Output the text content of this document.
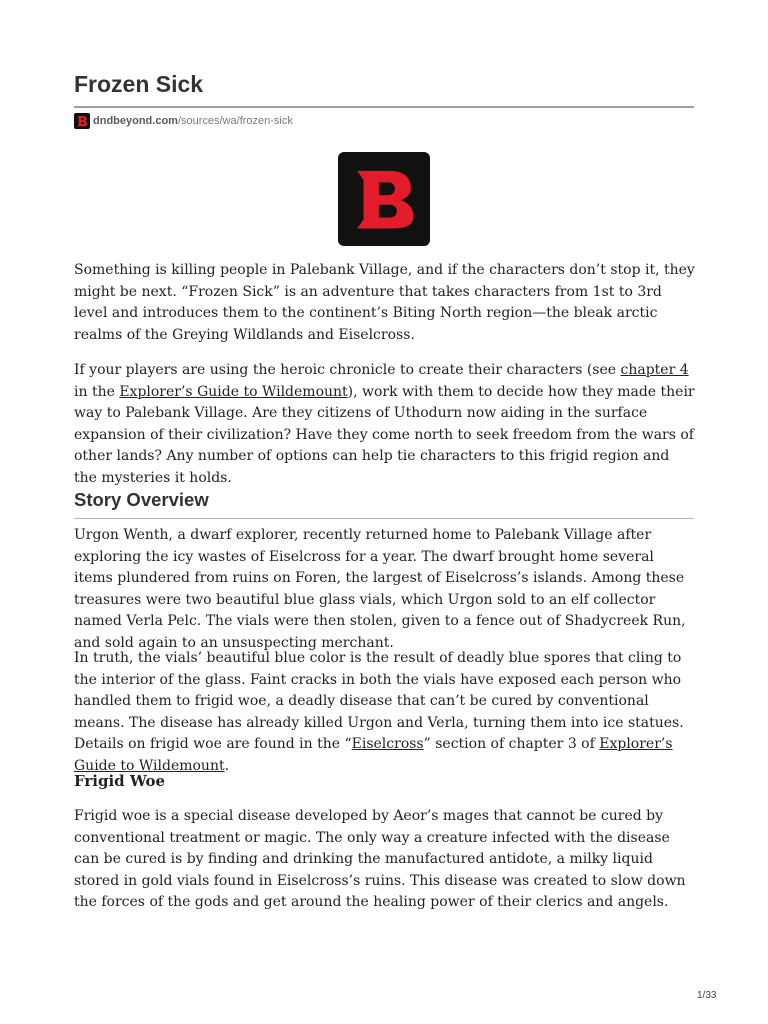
Frozen Sick
dndbeyond.com /sources/wa/frozen-sick

Something is killing people in Palebank Village, and if the characters don’t stop it, they might be next. “Frozen Sick” is an adventure that takes characters from 1st to 3rd level and introduces them to the continent’s Biting North region—the bleak arctic realms of the Greying Wildlands and Eiselcross.

If your players are using the heroic chronicle to create their characters (see chapter 4 in the Explorer’s Guide to Wildemount), work with them to decide how they made their way to Palebank Village. Are they citizens of Uthodurn now aiding in the surface expansion of their civilization? Have they come north to seek freedom from the wars of other lands? Any number of options can help tie characters to this frigid region and the mysteries it holds.

Story Overview

Urgon Wenth, a dwarf explorer, recently returned home to Palebank Village after exploring the icy wastes of Eiselcross for a year. The dwarf brought home several items plundered from ruins on Foren, the largest of Eiselcross’s islands. Among these treasures were two beautiful blue glass vials, which Urgon sold to an elf collector named Verla Pelc. The vials were then stolen, given to a fence out of Shadycreek Run, and sold again to an unsuspecting merchant.

In truth, the vials’ beautiful blue color is the result of deadly blue spores that cling to the interior of the glass. Faint cracks in both the vials have exposed each person who handled them to frigid woe, a deadly disease that can’t be cured by conventional means. The disease has already killed Urgon and Verla, turning them into ice statues. Details on frigid woe are found in the “Eiselcross” section of chapter 3 of Explorer’s Guide to Wildemount.

Frigid Woe

Frigid woe is a special disease developed by Aeor’s mages that cannot be cured by conventional treatment or magic. The only way a creature infected with the disease can be cured is by finding and drinking the manufactured antidote, a milky liquid stored in gold vials found in Eiselcross’s ruins. This disease was created to slow down the forces of the gods and get around the healing power of their clerics and angels.

1/33
